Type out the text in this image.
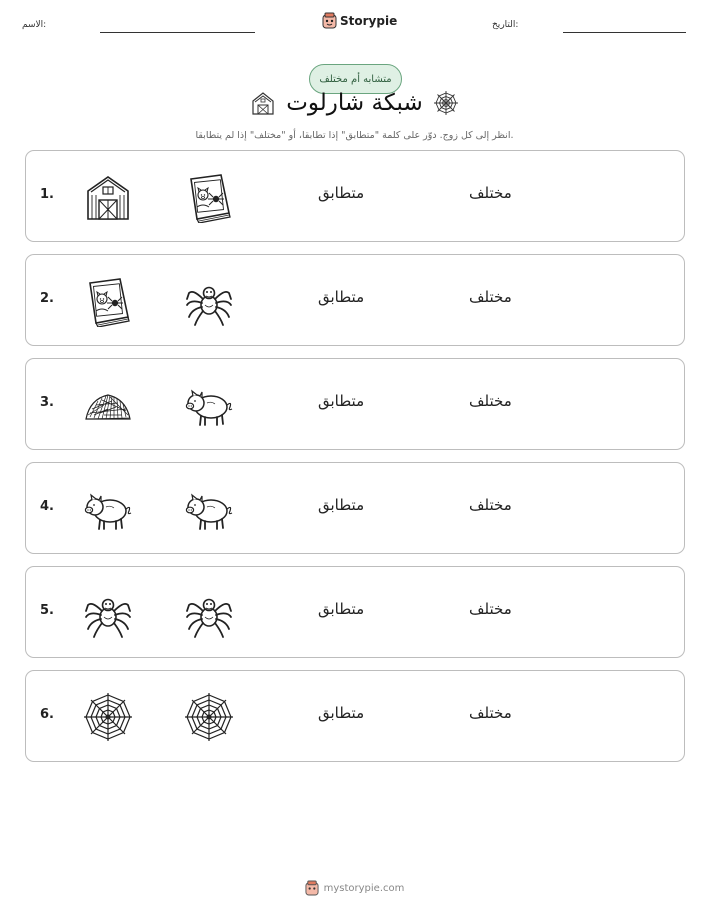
الاسم:	Storypie	التاريخ:
متشابه أم مختلف
شبكة شارلوت

انظر إلى كل زوج. دوّر على كلمة "متطابق" إذا تطابقا، أو "مختلف" إذا لم يتطابقا.

1.	متطابق	مختلف
2.	متطابق	مختلف
3.	متطابق	مختلف
4.	متطابق	مختلف
5.	متطابق	مختلف
6.	متطابق	مختلف
mystorypie.com
